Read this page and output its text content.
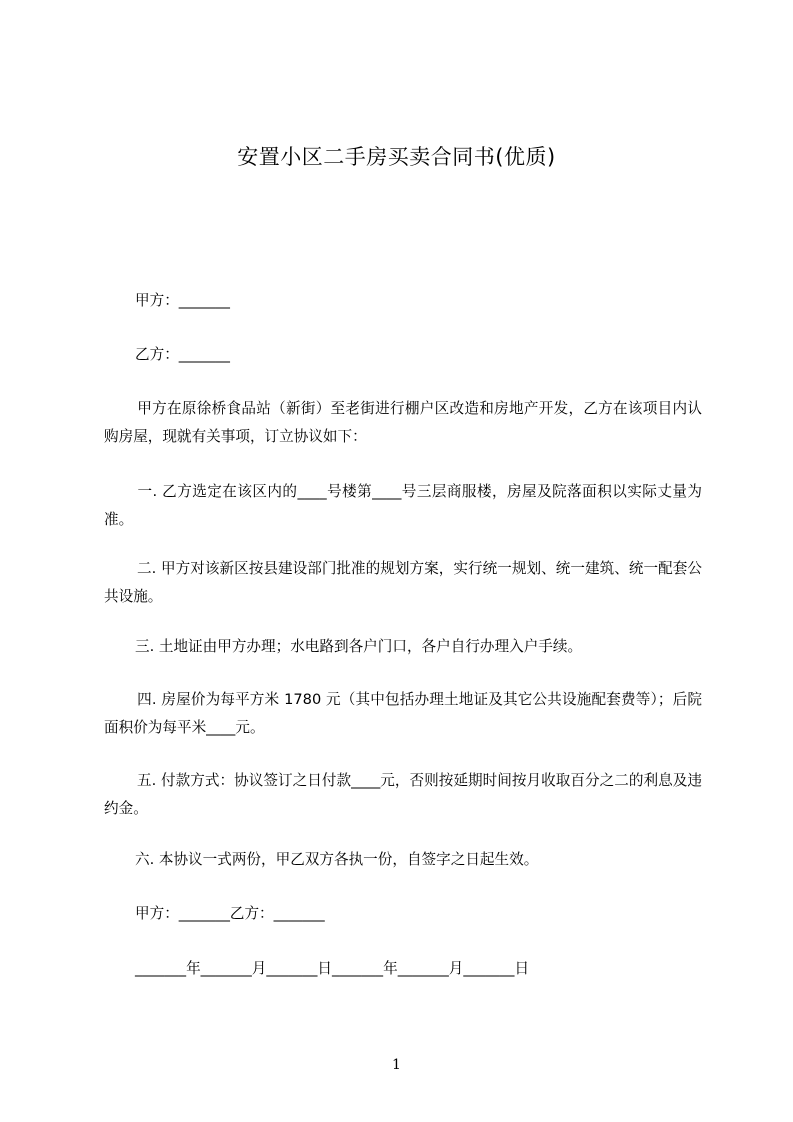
安置小区二手房买卖合同书(优质)
甲方：_______
乙方：_______
甲方在原徐桥食品站（新街）至老街进行棚户区改造和房地产开发，乙方在该项目内认购房屋，现就有关事项，订立协议如下：
一. 乙方选定在该区内的____号楼第____号三层商服楼，房屋及院落面积以实际丈量为准。
二. 甲方对该新区按县建设部门批准的规划方案，实行统一规划、统一建筑、统一配套公共设施。
三. 土地证由甲方办理；水电路到各户门口，各户自行办理入户手续。
四. 房屋价为每平方米 1780 元（其中包括办理土地证及其它公共设施配套费等）；后院面积价为每平米____元。
五. 付款方式：协议签订之日付款____元，否则按延期时间按月收取百分之二的利息及违约金。
六. 本协议一式两份，甲乙双方各执一份，自签字之日起生效。
甲方：_______乙方：_______
_______年_______月_______日_______年_______月_______日
1
